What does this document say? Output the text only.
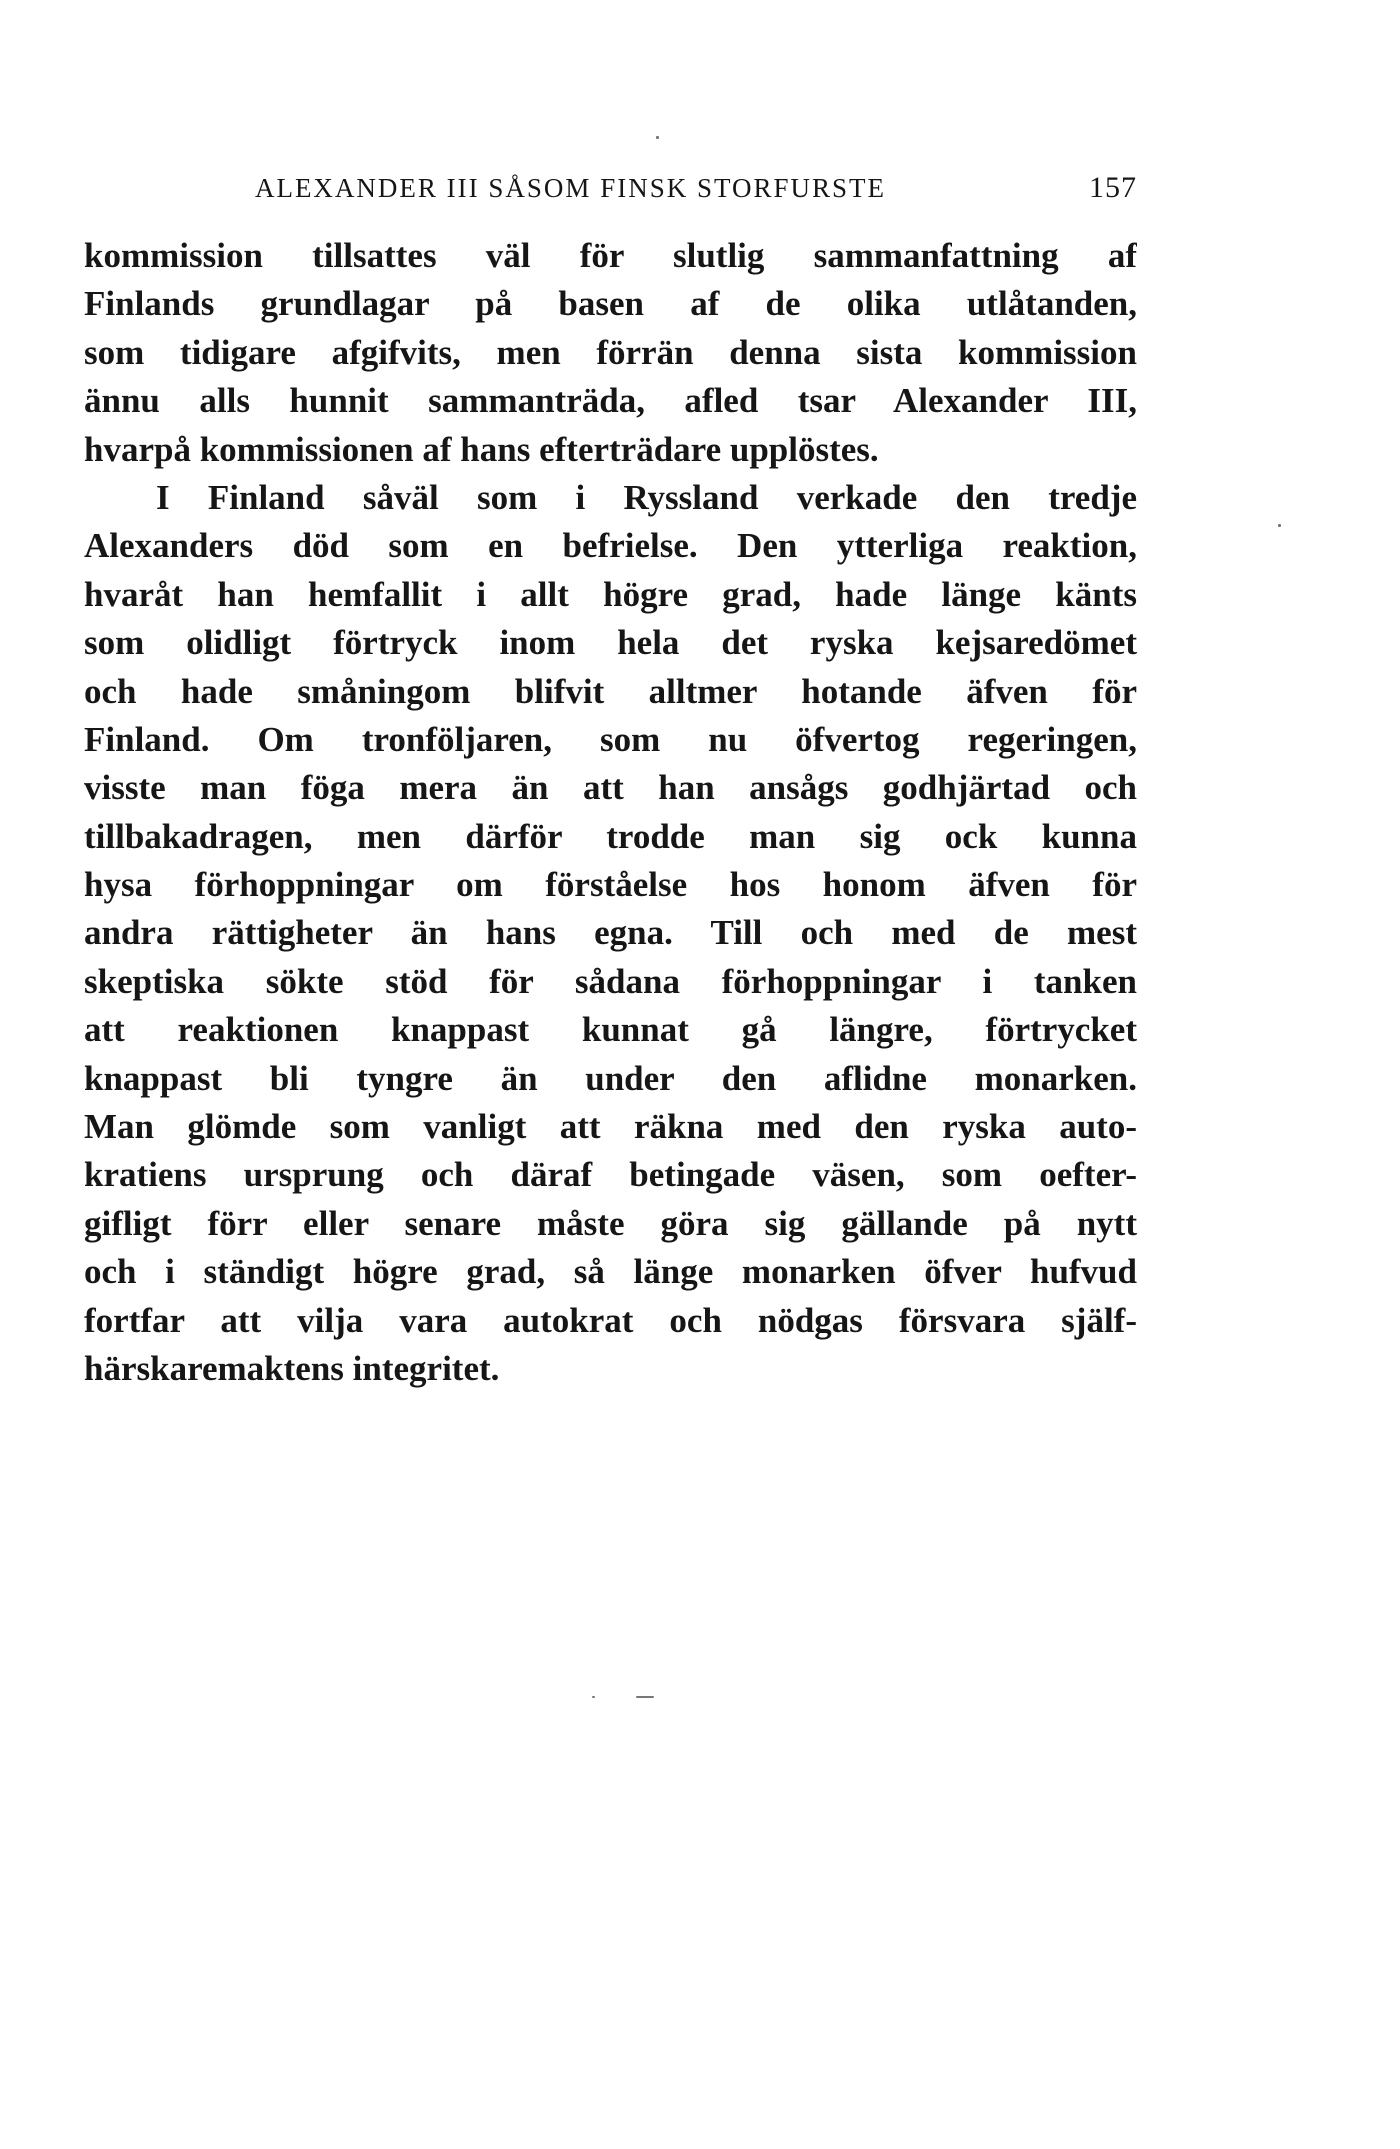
ALEXANDER III SÅSOM FINSK STORFURSTE	157
kommission tillsattes väl för slutlig sammanfattning af
Finlands grundlagar på basen af de olika utlåtanden,
som tidigare afgifvits, men förrän denna sista kommission
ännu alls hunnit sammanträda, afled tsar Alexander III,
hvarpå kommissionen af hans efterträdare upplöstes.
I Finland såväl som i Ryssland verkade den tredje
Alexanders död som en befrielse. Den ytterliga reaktion,
hvaråt han hemfallit i allt högre grad, hade länge känts
som olidligt förtryck inom hela det ryska kejsaredömet
och hade småningom blifvit alltmer hotande äfven för
Finland. Om tronföljaren, som nu öfvertog regeringen,
visste man föga mera än att han ansågs godhjärtad och
tillbakadragen, men därför trodde man sig ock kunna
hysa förhoppningar om förståelse hos honom äfven för
andra rättigheter än hans egna. Till och med de mest
skeptiska sökte stöd för sådana förhoppningar i tanken
att reaktionen knappast kunnat gå längre, förtrycket
knappast bli tyngre än under den aflidne monarken.
Man glömde som vanligt att räkna med den ryska auto-
kratiens ursprung och däraf betingade väsen, som oefter-
gifligt förr eller senare måste göra sig gällande på nytt
och i ständigt högre grad, så länge monarken öfver hufvud
fortfar att vilja vara autokrat och nödgas försvara själf-
härskaremaktens integritet.
